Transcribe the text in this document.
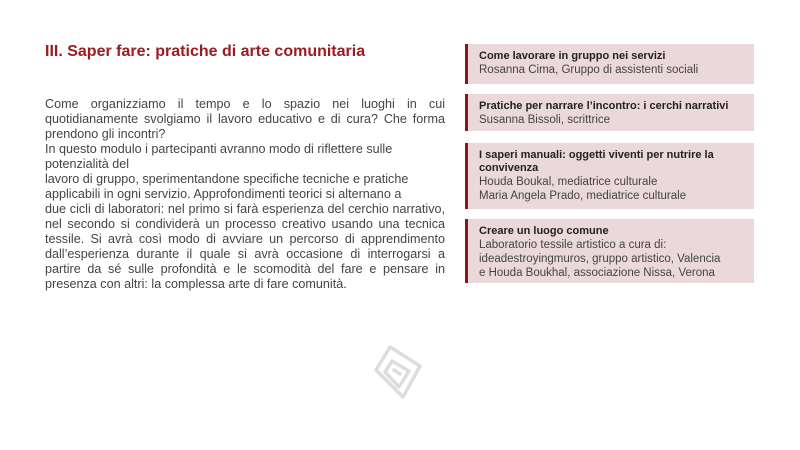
III. Saper fare: pratiche di arte comunitaria

Come organizziamo il tempo e lo spazio nei luoghi in cui quotidianamente svolgiamo il lavoro educativo e di cura? Che forma prendono gli incontri?

In questo modulo i partecipanti avranno modo di riflettere sulle potenzialità del

lavoro di gruppo, sperimentandone specifiche tecniche e pratiche applicabili in ogni servizio. Approfondimenti teorici si alternano a

due cicli di laboratori: nel primo si farà esperienza del cerchio narrativo, nel secondo si condividerà un processo creativo usando una tecnica tessile. Si avrà così modo di avviare un percorso di apprendimento dall’esperienza durante il quale si avrà occasione di interrogarsi a partire da sé sulle profondità e le scomodità del fare e pensare in presenza con altri: la complessa arte di fare comunità.

Come lavorare in gruppo nei servizi
Rosanna Cima, Gruppo di assistenti sociali
Pratiche per narrare l’incontro: i cerchi narrativi
Susanna Bissoli, scrittrice
I saperi manuali: oggetti viventi per nutrire la convivenza
Houda Boukal, mediatrice culturale
Maria Angela Prado, mediatrice culturale
Creare un luogo comune
Laboratorio tessile artistico a cura di:
ideadestroyingmuros, gruppo artistico, Valencia
e Houda Boukhal, associazione Nissa, Verona
